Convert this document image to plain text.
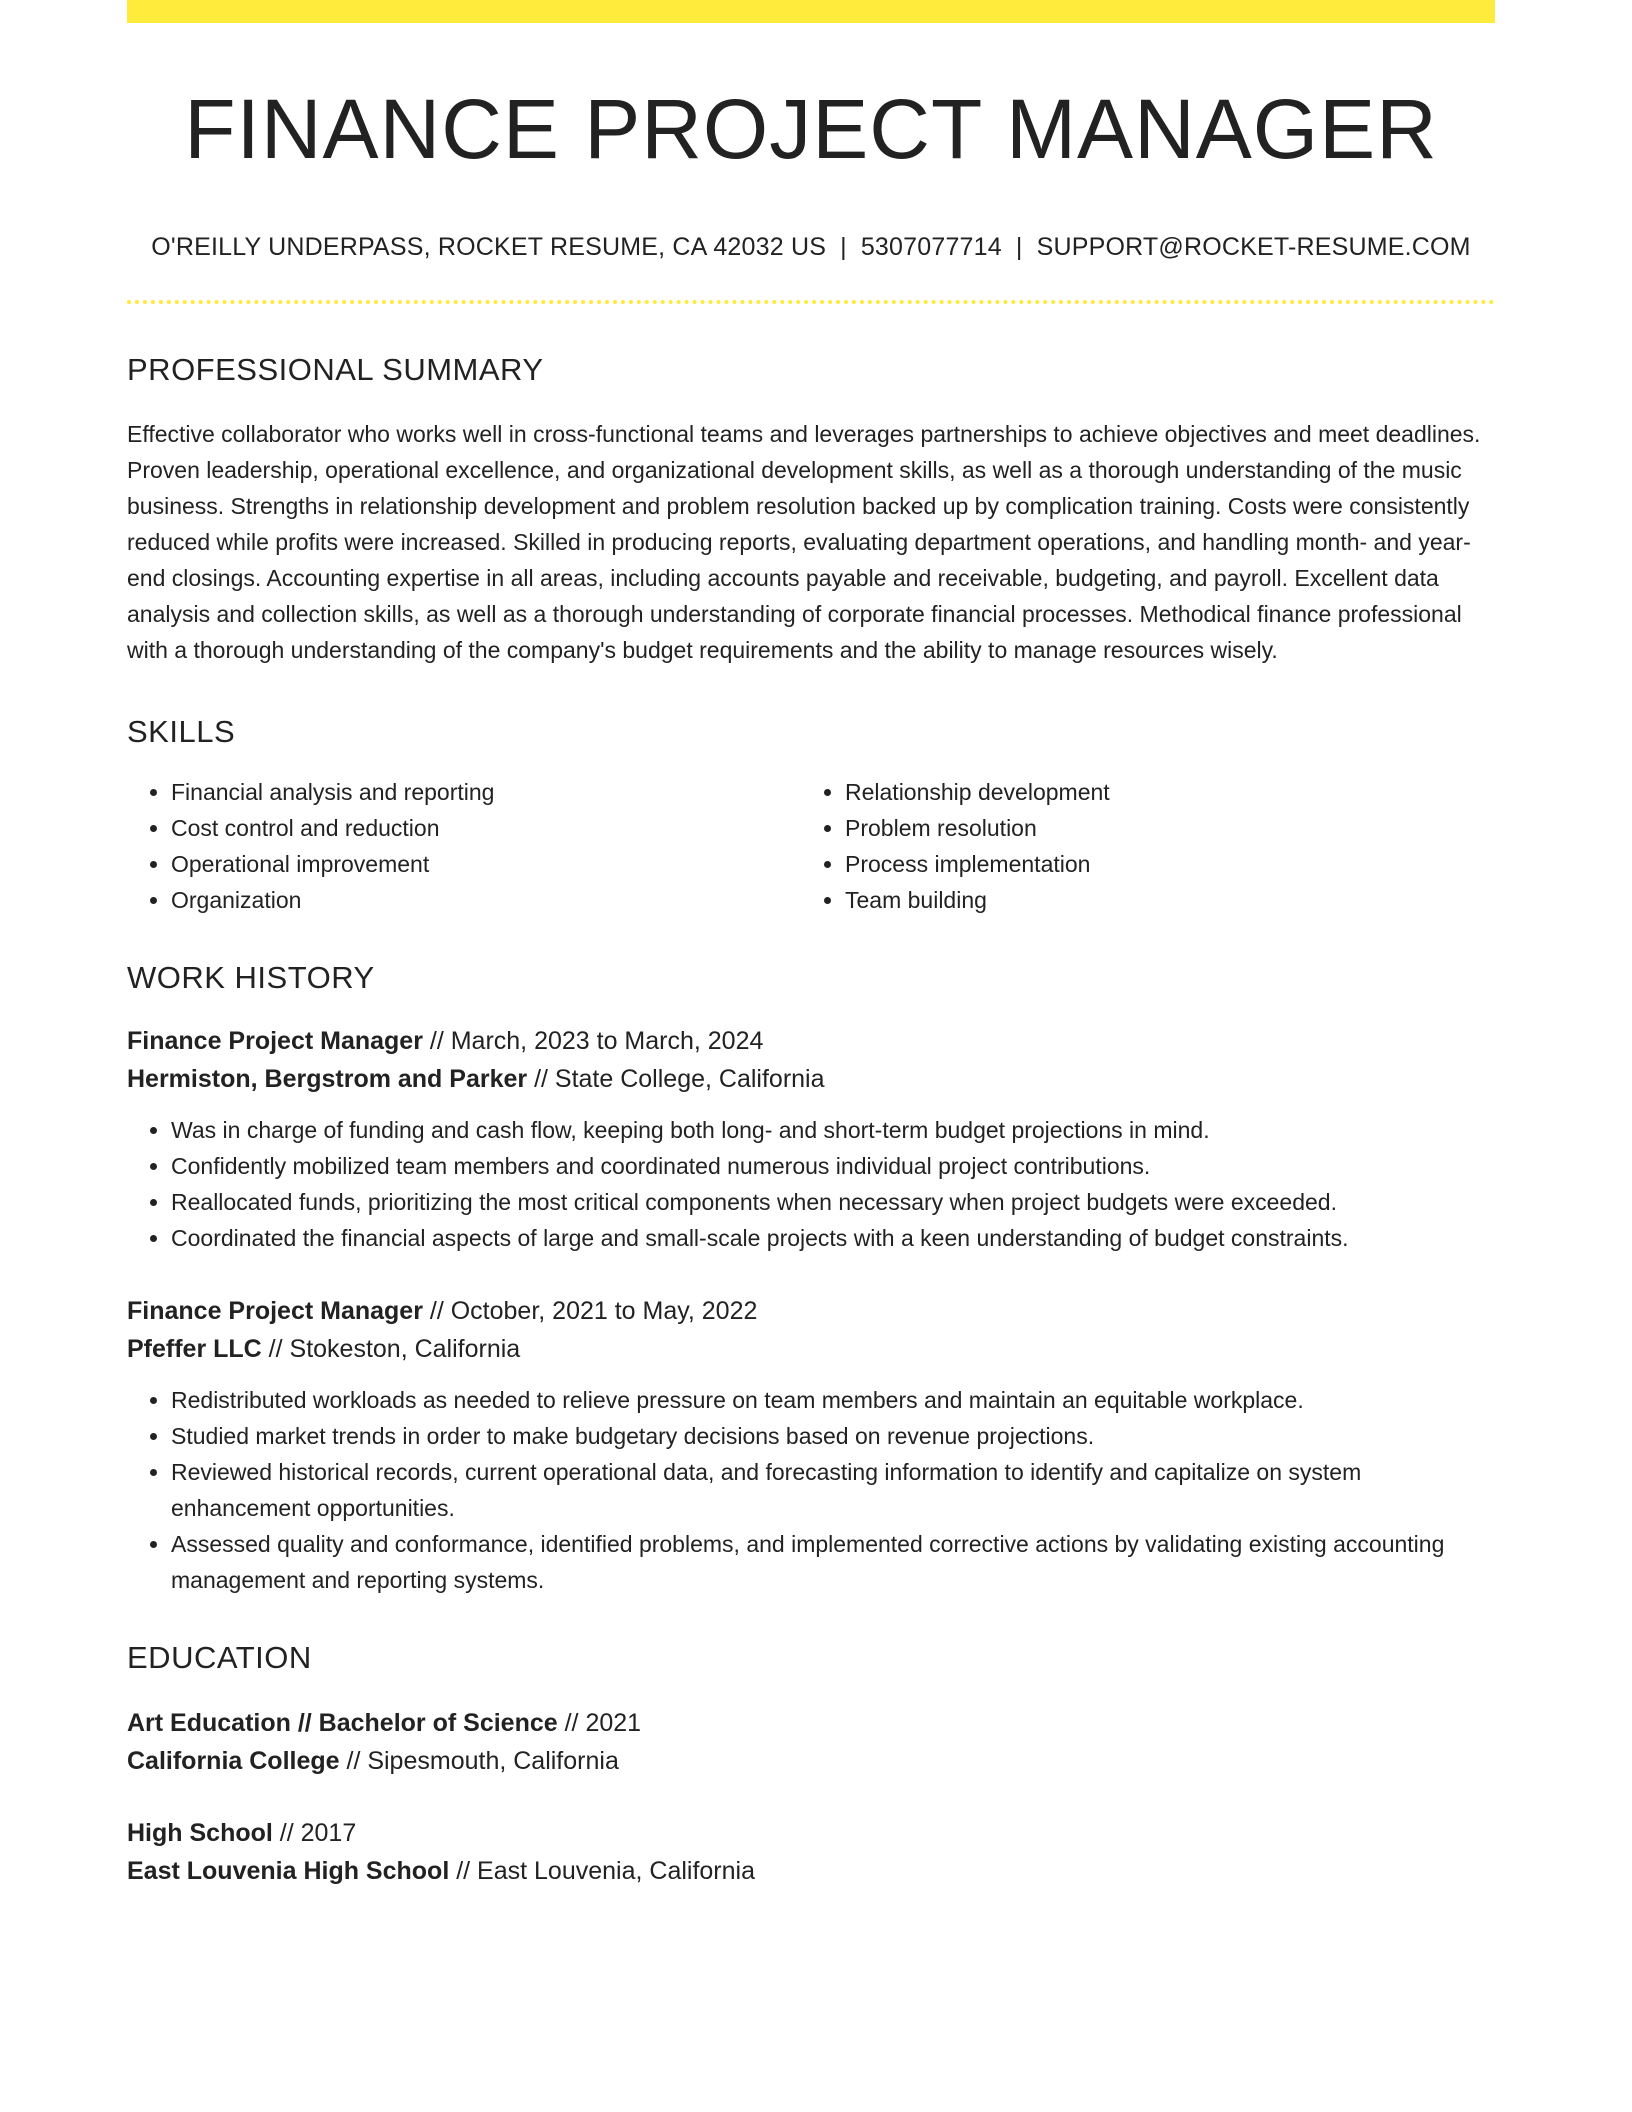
FINANCE PROJECT MANAGER
O'REILLY UNDERPASS, ROCKET RESUME, CA 42032 US | 5307077714 | SUPPORT@ROCKET-RESUME.COM
PROFESSIONAL SUMMARY
Effective collaborator who works well in cross-functional teams and leverages partnerships to achieve objectives and meet deadlines. Proven leadership, operational excellence, and organizational development skills, as well as a thorough understanding of the music business. Strengths in relationship development and problem resolution backed up by complication training. Costs were consistently reduced while profits were increased. Skilled in producing reports, evaluating department operations, and handling month- and year-end closings. Accounting expertise in all areas, including accounts payable and receivable, budgeting, and payroll. Excellent data analysis and collection skills, as well as a thorough understanding of corporate financial processes. Methodical finance professional with a thorough understanding of the company's budget requirements and the ability to manage resources wisely.
SKILLS
• Financial analysis and reporting
• Cost control and reduction
• Operational improvement
• Organization
• Relationship development
• Problem resolution
• Process implementation
• Team building
WORK HISTORY
Finance Project Manager // March, 2023 to March, 2024
Hermiston, Bergstrom and Parker // State College, California
• Was in charge of funding and cash flow, keeping both long- and short-term budget projections in mind.
• Confidently mobilized team members and coordinated numerous individual project contributions.
• Reallocated funds, prioritizing the most critical components when necessary when project budgets were exceeded.
• Coordinated the financial aspects of large and small-scale projects with a keen understanding of budget constraints.
Finance Project Manager // October, 2021 to May, 2022
Pfeffer LLC // Stokeston, California
• Redistributed workloads as needed to relieve pressure on team members and maintain an equitable workplace.
• Studied market trends in order to make budgetary decisions based on revenue projections.
• Reviewed historical records, current operational data, and forecasting information to identify and capitalize on system enhancement opportunities.
• Assessed quality and conformance, identified problems, and implemented corrective actions by validating existing accounting management and reporting systems.
EDUCATION
Art Education // Bachelor of Science // 2021
California College // Sipesmouth, California
High School // 2017
East Louvenia High School // East Louvenia, California
